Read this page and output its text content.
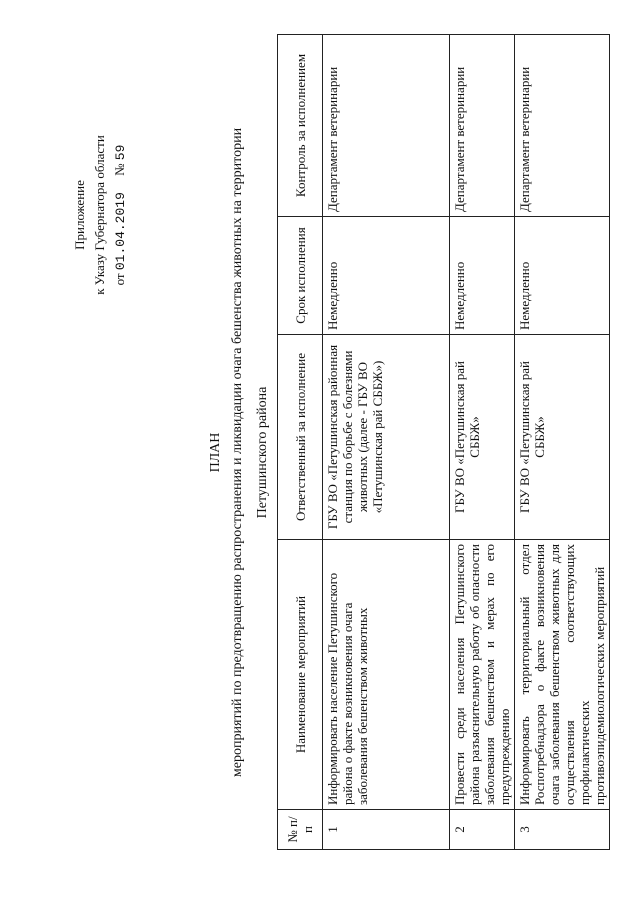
Приложение к Указу Губернатора области от 01.04.2019     № 59
ПЛАН мероприятий по предотвращению распространения и ликвидации очага бешенства животных на территории Петушинского района
№ п/п	Наименование мероприятий	Ответственный за исполнение	Срок исполнения	Контроль за исполнением
1	Информировать население Петушинского района о факте возникновения очага заболевания бешенством животных	ГБУ ВО «Петушинская районная станция по борьбе с болезнями животных (далее - ГБУ ВО «Петушинская рай СББЖ»)	Немедленно	Департамент ветеринарии
2	Провести среди населения Петушинского района разъяснительную работу об опасности заболевания бешенством и мерах по его предупреждению	ГБУ ВО «Петушинская рай СББЖ»	Немедленно	Департамент ветеринарии
3	Информировать территориальный отдел Роспотребнадзора о факте возникновения очага заболевания бешенством животных для осуществления соответствующих профилактических противоэпидемиологических мероприятий	ГБУ ВО «Петушинская рай СББЖ»	Немедленно	Департамент ветеринарии
